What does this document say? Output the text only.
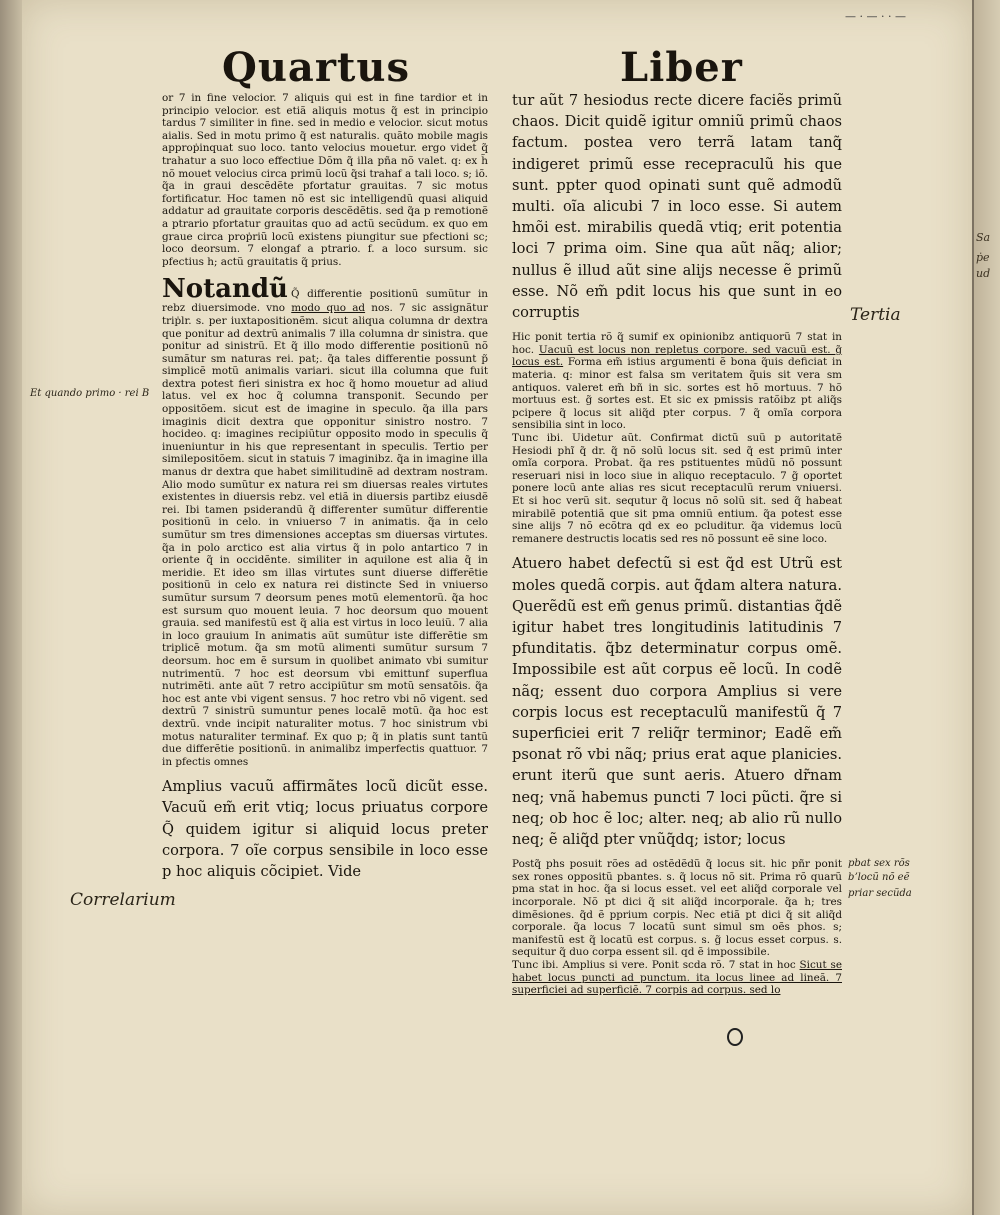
Sa
ṗe
ud
— · — · · —
Quartus	Liber

or 7 in fine velocior. 7 aliquis qui est in fine tardior et in principio velocior. est etiã aliquis motus q̃ est in principio tardus 7 similiter in fine. sed in medio e velocior. sicut motus aialis. Sed in motu primo q̃ est naturalis. quãto mobile magis approṗinquat suo loco. tanto velocius mouetur. ergo videt̃ q̃ trahatur a suo loco effectiue Dõm q̃ illa pña nõ valet. q: ex h̃ nõ mouet velocius circa primũ locũ q̃si trahaf a tali loco. s; iõ. q̃a in graui descẽdẽte pfortatur grauitas. 7 sic motus fortificatur. Hoc tamen nõ est sic intelligendũ quasi aliquid addatur ad grauitate corporis descẽdẽtis. sed q̃a p remotionẽ a ptrario pfortatur grauitas quo ad actũ secũdum. ex quo em graue circa proṗriũ locũ existens piungitur sue pfectioni sc; loco deorsum. 7 elongaf a ptrario. f. a loco sursum. sic pfectius h; actũ grauitatis q̃ prius.

Notandũ Q̃ differentie positionũ sumũtur in rebz diuersimode. vno modo quo ad nos. 7 sic assignãtur triṗlr. s. per iuxtapositionẽm. sicut aliqua columna dr dextra que ponitur ad dextrũ animalis 7 illa columna dr sinistra. que ponitur ad sinistrũ. Et q̃ illo modo differentie positionũ nõ sumãtur sm naturas rei. pat;. q̃a tales differentie possunt p̃ simplicẽ motũ animalis variari. sicut illa columna que fuit dextra potest fieri sinistra ex hoc q̃ homo mouetur ad aliud latus. vel ex hoc q̃ columna transponit. Secundo per oppositõem. sicut est de imagine in speculo. q̃a illa pars imaginis dicit dextra que opponitur sinistro nostro. 7 hocideo. q: imagines recipiũtur opposito modo in speculis q̃ inueniuntur in his que representant in speculis. Tertio per similepositõem. sicut in statuis 7 imaginibz. q̃a in imagine illa manus dr dextra que habet similitudinẽ ad dextram nostram. Alio modo sumũtur ex natura rei sm diuersas reales virtutes existentes in diuersis rebz. vel etiã in diuersis partibz eiusdẽ rei. Ibi tamen psiderandũ q̃ differenter sumũtur differentie positionũ in celo. in vniuerso 7 in animatis. q̃a in celo sumũtur sm tres dimensiones acceptas sm diuersas virtutes. q̃a in polo arctico est alia virtus q̃ in polo antartico 7 in oriente q̃ in occidẽnte. similiter in aquilone est alia q̃ in meridie. Et ideo sm illas virtutes sunt diuerse differẽtie positionũ in celo ex natura rei distincte Sed in vniuerso sumũtur sursum 7 deorsum penes motũ elementorũ. q̃a hoc est sursum quo mouent leuia. 7 hoc deorsum quo mouent grauia. sed manifestũ est q̃ alia est virtus in loco leuiũ. 7 alia in loco grauium In animatis aũt sumũtur iste differẽtie sm triplicẽ motum. q̃a sm motũ alimenti sumũtur sursum 7 deorsum. hoc em ẽ sursum in quolibet animato vbi sumitur nutrimentũ. 7 hoc est deorsum vbi emittunf superflua nutrimẽti. ante aũt 7 retro accipiũtur sm motũ sensatõis. q̃a hoc est ante vbi vigent sensus. 7 hoc retro vbi nõ vigent. sed dextrũ 7 sinistrũ sumuntur penes localẽ motũ. q̃a hoc est dextrũ. vnde incipit naturaliter motus. 7 hoc sinistrum vbi motus naturaliter terminaf. Ex quo p; q̃ in platis sunt tantũ due differẽtie positionũ. in animalibz imperfectis quattuor. 7 in pfectis omnes

Amplius vacuũ affirmãtes locũ dicũt esse. Vacuũ em̃ erit vtiq; locus priuatus corpore Q̃ quidem igitur si aliquid locus preter corpora. 7 oĩe corpus sensibile in loco esse p hoc aliquis cõcipiet. Vide

tur aũt 7 hesiodus recte dicere faciẽs primũ chaos. Dicit quidẽ igitur omniũ primũ chaos factum. postea vero terrã latam tanq̃ indigeret primũ esse recepraculũ his que sunt. ppter quod opinati sunt quẽ admodũ multi. oĩa alicubi 7 in loco esse. Si autem hmõi est. mirabilis quedã vtiq; erit potentia loci 7 prima oim. Sine qua aũt nãq; alior; nullus ẽ illud aũt sine alijs necesse ẽ primũ esse. Nõ em̃ pdit locus his que sunt in eo corruptis

Hic ponit tertia rõ q̃ sumif ex opinionibz antiquorũ 7 stat in hoc. Uacuũ est locus non repletus corpore. sed vacuũ est. g̃ locus est. Forma em̃ istius argumenti ẽ bona q̃uis deficiat in materia. q: minor est falsa sm veritatem q̃uis sit vera sm antiquos. valeret em̃ bñ in sic. sortes est hõ mortuus. 7 hõ mortuus est. g̃ sortes est. Et sic ex pmissis ratõibz pt aliq̃s pcipere q̃ locus sit aliq̃d pter corpus. 7 q̃ omĩa corpora sensibilia sint in loco.

Tunc ibi. Uidetur aũt. Confirmat dictũ suũ p autoritatẽ Hesiodi phĩ q̃ dr. q̃ nõ solũ locus sit. sed q̃ est primũ inter omĩa corpora. Probat. q̃a res pstituentes mũdũ nõ possunt reseruari nisi in loco siue in aliquo receptaculo. 7 g̃ oportet ponere locũ ante alias res sicut receptaculũ rerum vniuersi. Et si hoc verũ sit. sequtur q̃ locus nõ solũ sit. sed q̃ habeat mirabilẽ potentiã que sit pma omniũ entium. q̃a potest esse sine alijs 7 nõ ecõtra qd ex eo pcluditur. q̃a videmus locũ remanere destructis locatis sed res nõ possunt eẽ sine loco.

Atuero habet defectũ si est q̃d est Utrũ est moles quedã corpis. aut q̃dam altera natura. Querẽdũ est em̃ genus primũ. distantias q̃dẽ igitur habet tres longitudinis latitudinis 7 pfunditatis. q̃bz determinatur corpus omẽ. Impossibile est aũt corpus eẽ locũ. In codẽ nãq; essent duo corpora Amplius si vere corpis locus est receptaculũ manifestũ q̃ 7 superficiei erit 7 reliq̃r terminor; Eadẽ em̃ psonat rõ vbi nãq; prius erat aque planicies. erunt iterũ que sunt aeris. Atuero dr̃nam neq; vnã habemus puncti 7 loci pũcti. q̃re si neq; ob hoc ẽ loc; alter. neq; ab alio rũ nullo neq; ẽ aliq̃d pter vnũq̃dq; istor; locus

Postq̃ phs posuit rões ad ostẽdẽdũ q̃ locus sit. hic pñr ponit sex rones oppositũ pbantes. s. q̃ locus nõ sit. Prima rõ quarũ pma stat in hoc. q̃a si locus esset. vel eet aliq̃d corporale vel incorporale. Nõ pt dici q̃ sit aliq̃d incorporale. q̃a h; tres dimẽsiones. q̃d ẽ pprium corpis. Nec etiã pt dici q̃ sit aliq̃d corporale. q̃a locus 7 locatũ sunt simul sm oẽs phos. s; manifestũ est q̃ locatũ est corpus. s. g̃ locus esset corpus. s. sequitur q̃ duo corpa essent sil. qd ẽ impossibile.

Tunc ibi. Amplius si vere. Ponit scda rõ. 7 stat in hoc Sicut se habet locus puncti ad punctum. ita locus linee ad lineã. 7 superficiei ad superficiẽ. 7 corpis ad corpus. sed lo

Et quando primo · rei B
Correlarium
Tertia
pbat sex rõs
bʼlocũ nõ eẽ
priar secũda
